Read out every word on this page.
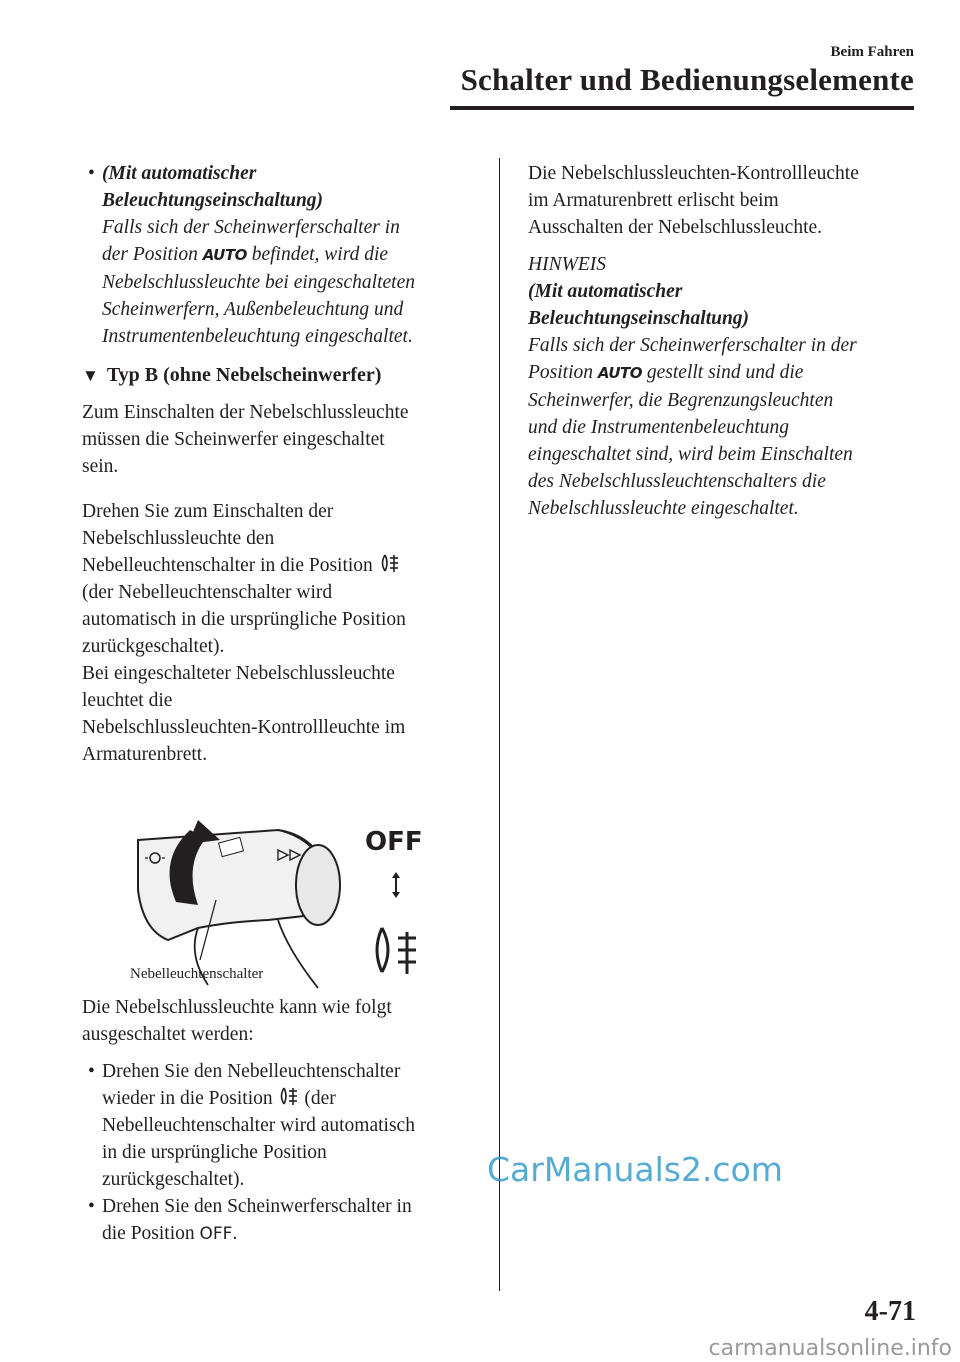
Beim Fahren
Schalter und Bedienungselemente
• (Mit automatischer

Beleuchtungseinschaltung)

Falls sich der Scheinwerferschalter in

der Position AUTO befindet, wird die

Nebelschlussleuchte bei eingeschalteten

Scheinwerfern, Außenbeleuchtung und

Instrumentenbeleuchtung eingeschaltet.

▼ Typ B (ohne Nebelscheinwerfer)

Zum Einschalten der Nebelschlussleuchte

müssen die Scheinwerfer eingeschaltet

sein.

Drehen Sie zum Einschalten der

Nebelschlussleuchte den

Nebelleuchtenschalter in die Position

(der Nebelleuchtenschalter wird

automatisch in die ursprüngliche Position

zurückgeschaltet).

Bei eingeschalteter Nebelschlussleuchte

leuchtet die

Nebelschlussleuchten-Kontrollleuchte im

Armaturenbrett.

OFF
Nebelleuchtenschalter

Die Nebelschlussleuchte kann wie folgt

ausgeschaltet werden:

• Drehen Sie den Nebelleuchtenschalter

wieder in die Position  (der

Nebelleuchtenschalter wird automatisch

in die ursprüngliche Position

zurückgeschaltet).

• Drehen Sie den Scheinwerferschalter in

die Position OFF.

Die Nebelschlussleuchten-Kontrollleuchte

im Armaturenbrett erlischt beim

Ausschalten der Nebelschlussleuchte.

HINWEIS

(Mit automatischer

Beleuchtungseinschaltung)

Falls sich der Scheinwerferschalter in der

Position AUTO gestellt sind und die

Scheinwerfer, die Begrenzungsleuchten

und die Instrumentenbeleuchtung

eingeschaltet sind, wird beim Einschalten

des Nebelschlussleuchtenschalters die

Nebelschlussleuchte eingeschaltet.

CarManuals2.com
4-71
carmanualsonline.info
